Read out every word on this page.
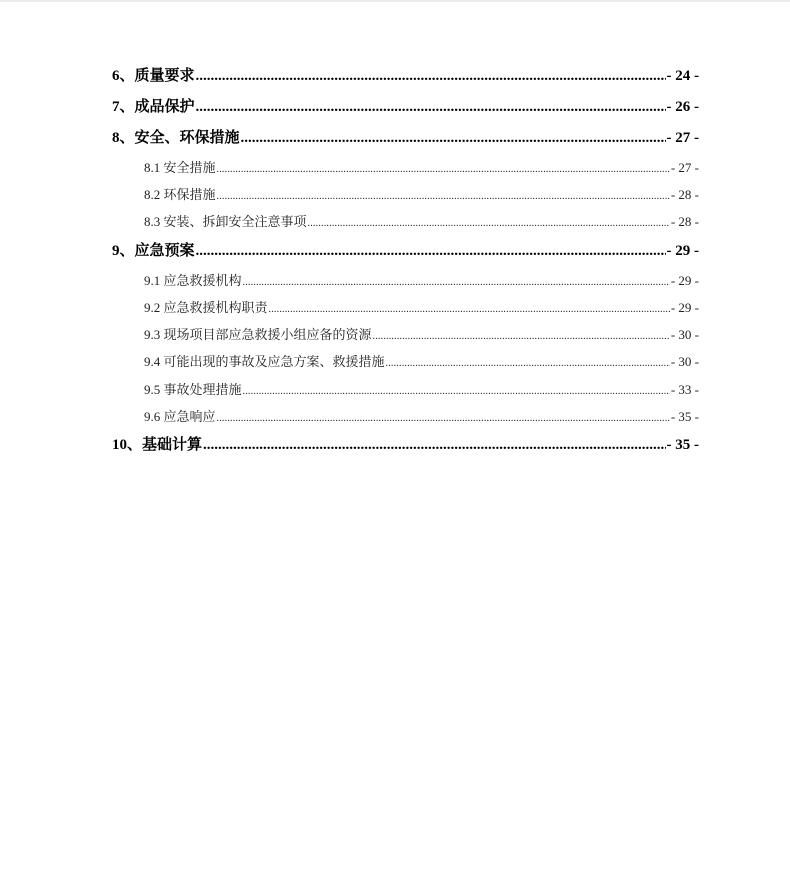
6、质量要求 .....	- 24 -
7、成品保护 .....	- 26 -
8、安全、环保措施 .....	- 27 -
8.1 安全措施 .....	- 27 -
8.2 环保措施 .....	- 28 -
8.3 安装、拆卸安全注意事项 .....	- 28 -
9、应急预案 .....	- 29 -
9.1 应急救援机构 .....	- 29 -
9.2 应急救援机构职责 .....	- 29 -
9.3 现场项目部应急救援小组应备的资源 .....	- 30 -
9.4 可能出现的事故及应急方案、救援措施 .....	- 30 -
9.5 事故处理措施 .....	- 33 -
9.6 应急响应 .....	- 35 -
10、基础计算 .....	- 35 -
